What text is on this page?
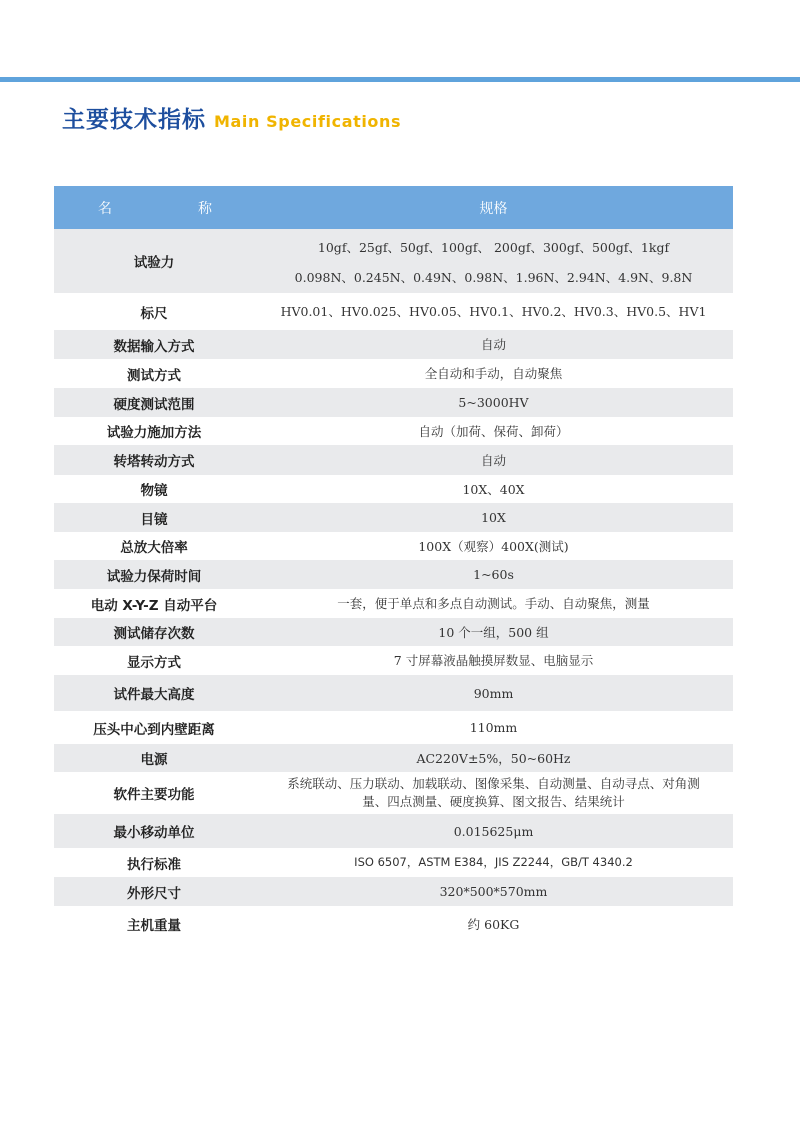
主要技术指标 Main Specifications
名 称	规格
试验力	10gf、25gf、50gf、100gf、 200gf、300gf、500gf、1kgf
0.098N、0.245N、0.49N、0.98N、1.96N、2.94N、4.9N、9.8N

标尺	HV0.01、HV0.025、HV0.05、HV0.1、HV0.2、HV0.3、HV0.5、HV1
数据输入方式	自动
测试方式	全自动和手动，自动聚焦
硬度测试范围	5~3000HV
试验力施加方法	自动（加荷、保荷、卸荷）
转塔转动方式	自动
物镜	10X、40X
目镜	10X
总放大倍率	100X（观察）400X(测试)
试验力保荷时间	1~60s
电动 X-Y-Z 自动平台	一套，便于单点和多点自动测试。手动、自动聚焦，测量
测试储存次数	10 个一组，500 组
显示方式	7 寸屏幕液晶触摸屏数显、电脑显示
试件最大高度	90mm
压头中心到内壁距离	110mm
电源	AC220V±5%，50~60Hz
软件主要功能	系统联动、压力联动、加载联动、图像采集、自动测量、自动寻点、对角测
量、四点测量、硬度换算、图文报告、结果统计

最小移动单位	0.015625μm
执行标准	ISO 6507，ASTM E384，JIS Z2244，GB/T 4340.2
外形尺寸	320*500*570mm
主机重量	约 60KG
